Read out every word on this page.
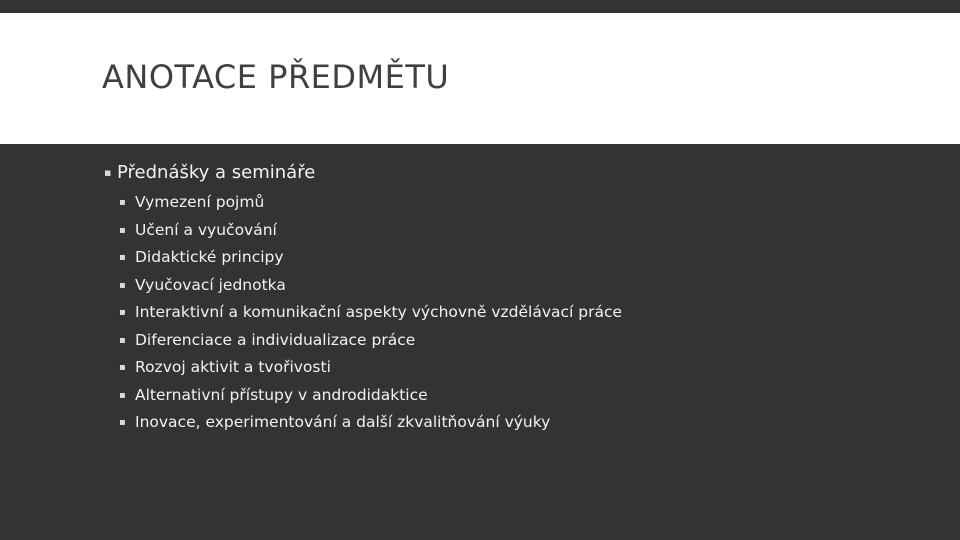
ANOTACE PŘEDMĚTU
▪ Přednášky a semináře
▪ Vymezení pojmů
▪ Učení a vyučování
▪ Didaktické principy
▪ Vyučovací jednotka
▪ Interaktivní a komunikační aspekty výchovně vzdělávací práce
▪ Diferenciace a individualizace práce
▪ Rozvoj aktivit a tvořivosti
▪ Alternativní přístupy v androdidaktice
▪ Inovace, experimentování a další zkvalitňování výuky
